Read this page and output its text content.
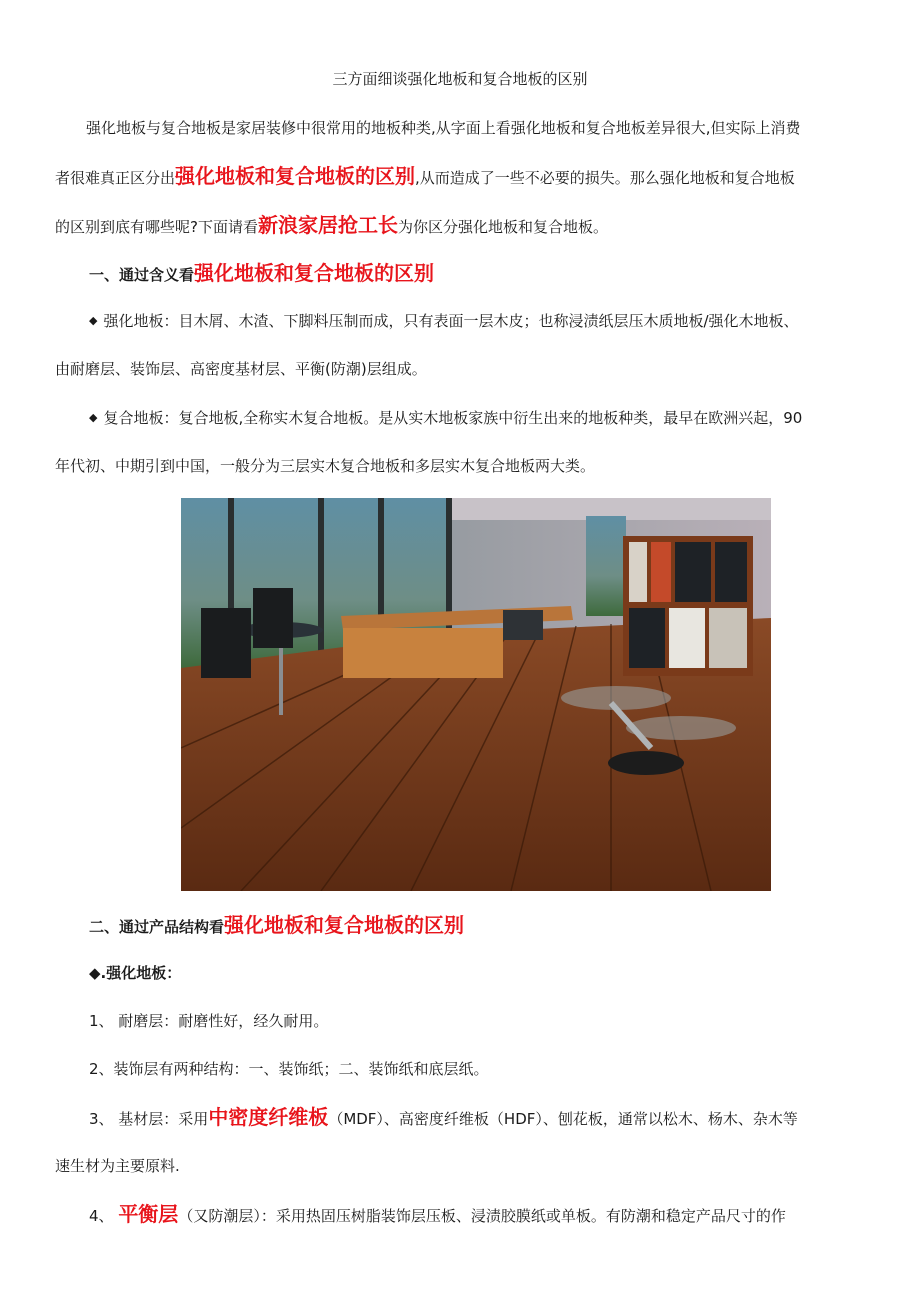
三方面细谈强化地板和复合地板的区别
强化地板与复合地板是家居装修中很常用的地板种类,从字面上看强化地板和复合地板差异很大,但实际上消费
者很难真正区分出强化地板和复合地板的区别,从而造成了一些不必要的损失。那么强化地板和复合地板
的区别到底有哪些呢?下面请看新浪家居抢工长为你区分强化地板和复合地板。
一、通过含义看强化地板和复合地板的区别
◆ 强化地板：目木屑、木渣、下脚料压制而成，只有表面一层木皮；也称浸渍纸层压木质地板/强化木地板、
由耐磨层、装饰层、高密度基材层、平衡(防潮)层组成。
◆ 复合地板：复合地板,全称实木复合地板。是从实木地板家族中衍生出来的地板种类，最早在欧洲兴起，90
年代初、中期引到中国，一般分为三层实木复合地板和多层实木复合地板两大类。
二、通过产品结构看强化地板和复合地板的区别
◆.强化地板：
1、 耐磨层：耐磨性好，经久耐用。
2、装饰层有两种结构：一、装饰纸；二、装饰纸和底层纸。
3、 基材层：采用中密度纤维板（MDF）、高密度纤维板（HDF）、刨花板，通常以松木、杨木、杂木等
速生材为主要原料.
4、 平衡层（又防潮层）：采用热固压树脂装饰层压板、浸渍胶膜纸或单板。有防潮和稳定产品尺寸的作
